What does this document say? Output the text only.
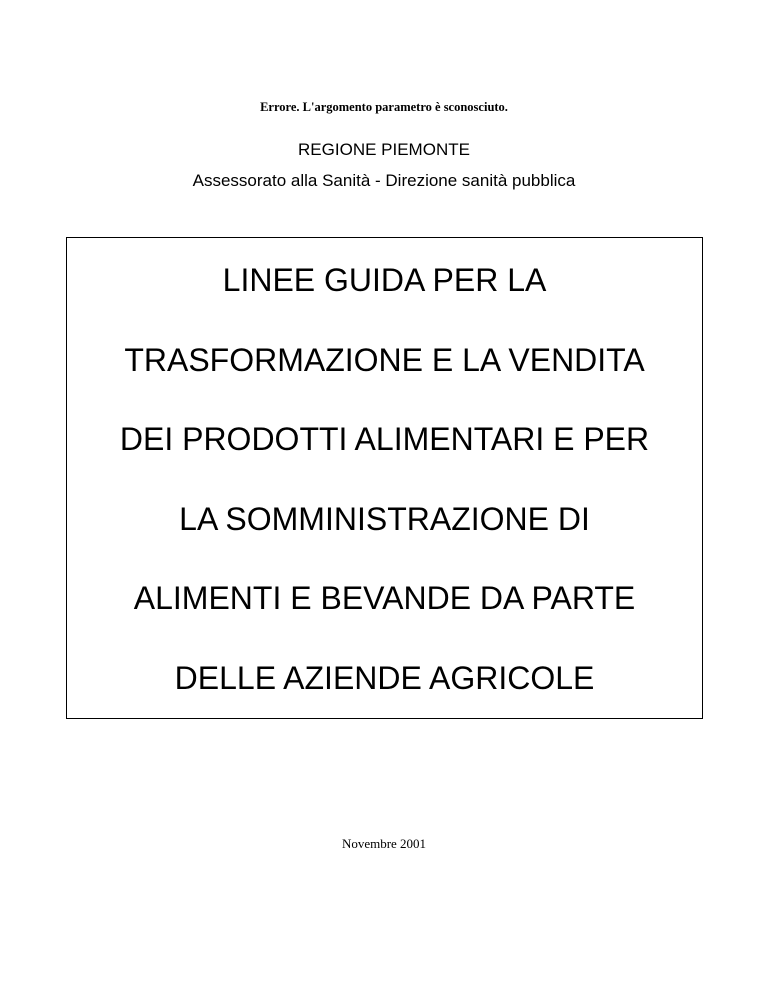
Errore. L'argomento parametro è sconosciuto.
REGIONE PIEMONTE
Assessorato alla Sanità - Direzione sanità pubblica
LINEE GUIDA PER LA
TRASFORMAZIONE E LA VENDITA
DEI PRODOTTI ALIMENTARI E PER
LA SOMMINISTRAZIONE DI
ALIMENTI E BEVANDE DA PARTE
DELLE AZIENDE AGRICOLE
Novembre 2001
